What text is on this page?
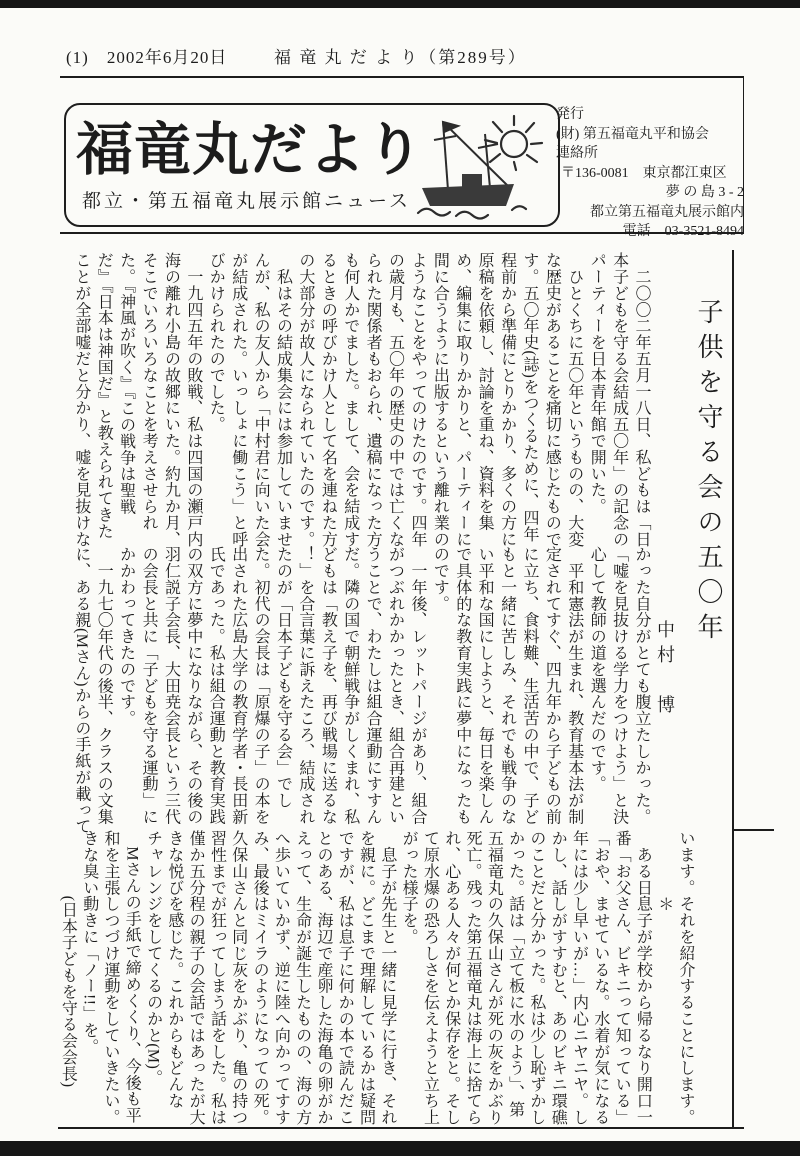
(1)　2002年6月20日	福 竜 丸 だ よ り（第289号）
福竜丸だより
都立・第五福竜丸展示館ニュース
発行
(財) 第五福竜丸平和協会
連絡所
〒136-0081　東京都江東区
夢 の 島 3 - 2
都立第五福竜丸展示館内
電話　03-3521-8494
子供を守る会の五〇年
中村　博
　二〇〇二年五月一八日、私どもは「日
本子どもを守る会結成五〇年」の記念の
パーティーを日本青年館で開いた。
　ひとくちに五〇年というものの、大変
な歴史があることを痛切に感じたもので
す。五〇年史(誌)をつくるために、四年
程前から準備にとりかかり、多くの方に
原稿を依頼し、討論を重ね、資料を集
め、編集に取りかかりと、パーティーに
間に合うように出版するという離れ業の
ようなことをやってのけたのです。四年
の歳月も、五〇年の歴史の中では亡くな
られた関係者もおられ、遺稿になった方
も何人かでました。まして、会を結成す
るときの呼びかけ人として名を連ねた方
の大部分が故人になられていたのです。
　私はその結成集会には参加していませ
んが、私の友人から「中村君に向いた会
が結成された。いっしょに働こう」と呼
びかけられたのでした。
　一九四五年の敗戦、私は四国の瀬戸内
海の離れ小島の故郷にいた。約九か月、
そこでいろいろなことを考えさせられ
た。『神風が吹く』『この戦争は聖戦
だ』『日本は神国だ』と教えられてきた
ことが全部嘘だと分かり、嘘を見抜けな
かった自分がとても腹立たしかった。
「嘘を見抜ける学力をつけよう」と決
心して教師の道を選んだのです。
　平和憲法が生まれ、教育基本法が制
定されてすぐ、四九年から子どもの前
に立ち、食料難、生活苦の中で、子ど
もと一緒に苦しみ、それでも戦争のな
い平和な国にしようと、毎日を楽しん
で具体的な教育実践に夢中になったも
のです。
　一年後、レットパージがあり、組合
がつぶれかかったとき、組合再建とい
うことで、わたしは組合運動にすすん
だ。隣の国で朝鮮戦争がしくまれ、私
どもは「教え子を、再び戦場に送るな
！」を合言葉に訴えたころ、結成され
たのが「日本子どもを守る会」でし
た。初代の会長は「原爆の子」の本を
出された広島大学の教育学者・長田新
氏であった。私は組合運動と教育実践
の双方に夢中になりながら、その後の
羽仁説子会長、大田尭会長という三代
の会長と共に「子どもを守る運動」に
かかわってきたのです。
　一九七〇年代の後半、クラスの文集
に、ある親(Mさん)からの手紙が載って
います。それを紹介することにします。
　　　　＊
　ある日息子が学校から帰るなり開口一
番「お父さん、ビキニって知っている」
「おや、ませているな。水着が気になる
年には少し早いが…」内心ニヤニヤ。し
かし、話しがすすむと、あのビキニ環礁
のことだと分かった。私は少し恥ずかし
かった。話は「立て板に水のよう」、第
五福竜丸の久保山さんが死の灰をかぶり
死亡。残った第五福竜丸は海上に捨てら
れ、心ある人々が何とか保存をと。そし
て原水爆の恐ろしさを伝えようと立ち上
がった様子を。
　息子が先生と一緒に見学に行き、それ
を親に。どこまで理解しているかは疑問
ですが、私は息子に何かの本で読んだこ
とのある、海辺で産卵した海亀の卵がか
えって、生命が誕生したものの、海の方
へ歩いていかず、逆に陸へ向かってすす
み、最後はミイラのようになっての死。
久保山さんと同じ灰をかぶり、亀の持つ
習性までが狂ってしまう話をした。私は
僅か五分程の親子の会話ではあったが大
きな悦びを感じた。これからもどんな
チャレンジをしてくるのかと(M)。
　Mさんの手紙で締めくくり、今後も平
和を主張しつづけ運動をしていきたい。
きな臭い動きに「ノー!!」を。
　　　　(日本子どもを守る会会長)
